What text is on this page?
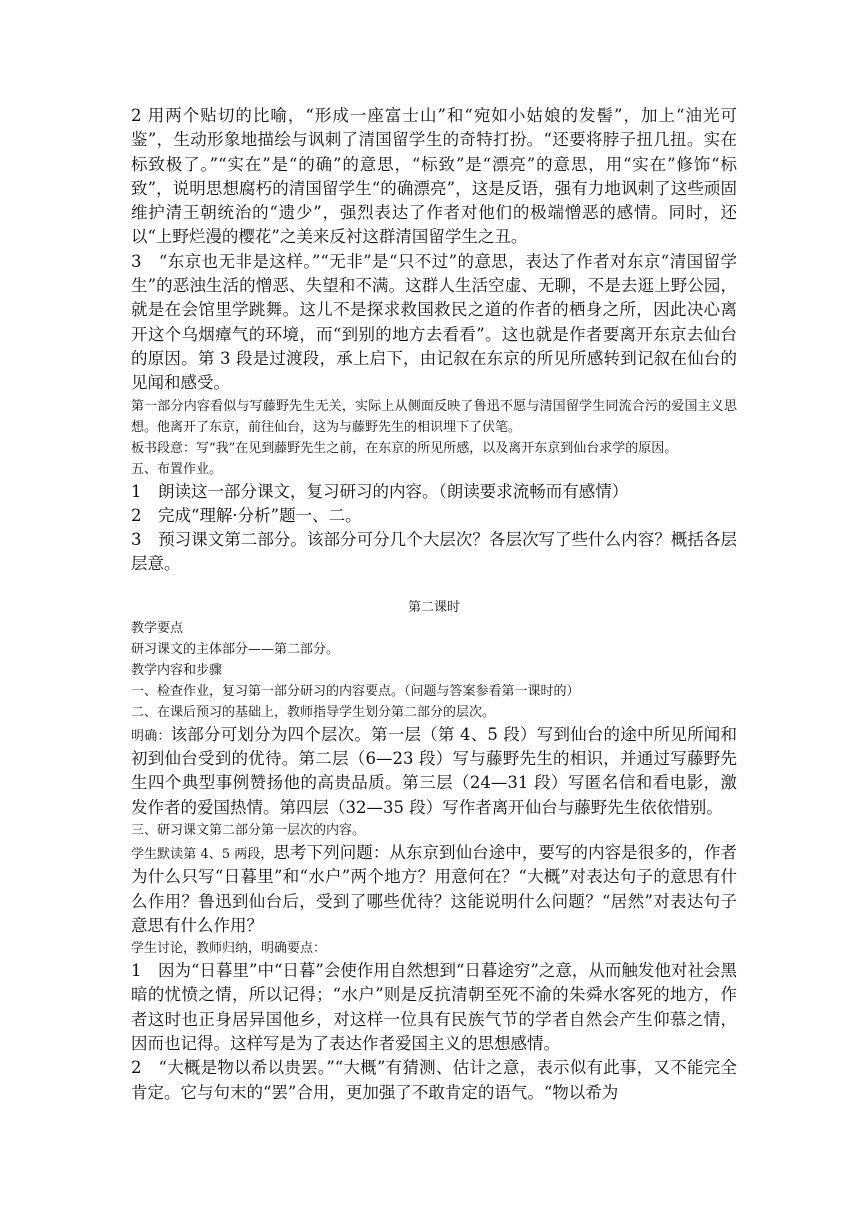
2 用两个贴切的比喻，“形成一座富士山”和“宛如小姑娘的发髻”，加上“油光可鉴”，生动形象地描绘与讽刺了清国留学生的奇特打扮。“还要将脖子扭几扭。实在标致极了。”“实在”是“的确”的意思，“标致”是“漂亮”的意思，用“实在”修饰“标致”，说明思想腐朽的清国留学生“的确漂亮”，这是反语，强有力地讽刺了这些顽固维护清王朝统治的“遗少”，强烈表达了作者对他们的极端憎恶的感情。同时，还以“上野烂漫的樱花”之美来反衬这群清国留学生之丑。

3　“东京也无非是这样。”“无非”是“只不过”的意思，表达了作者对东京“清国留学生”的恶浊生活的憎恶、失望和不满。这群人生活空虚、无聊，不是去逛上野公园，就是在会馆里学跳舞。这儿不是探求救国救民之道的作者的栖身之所，因此决心离开这个乌烟瘴气的环境，而“到别的地方去看看”。这也就是作者要离开东京去仙台的原因。第 3 段是过渡段，承上启下，由记叙在东京的所见所感转到记叙在仙台的见闻和感受。

第一部分内容看似与写藤野先生无关，实际上从侧面反映了鲁迅不愿与清国留学生同流合污的爱国主义思想。他离开了东京，前往仙台，这为与藤野先生的相识埋下了伏笔。

板书段意：写“我”在见到藤野先生之前，在东京的所见所感，以及离开东京到仙台求学的原因。

五、布置作业。

1　朗读这一部分课文，复习研习的内容。（朗读要求流畅而有感情）

2　完成“理解·分析”题一、二。

3　预习课文第二部分。该部分可分几个大层次？各层次写了些什么内容？概括各层层意。

第二课时

教学要点

研习课文的主体部分——第二部分。

教学内容和步骤

一、检查作业，复习第一部分研习的内容要点。（问题与答案参看第一课时的）

二、在课后预习的基础上，教师指导学生划分第二部分的层次。

明确：该部分可划分为四个层次。第一层（第 4、5 段）写到仙台的途中所见所闻和初到仙台受到的优待。第二层（6—23 段）写与藤野先生的相识，并通过写藤野先生四个典型事例赞扬他的高贵品质。第三层（24—31 段）写匿名信和看电影，激发作者的爱国热情。第四层（32—35 段）写作者离开仙台与藤野先生依依惜别。

三、研习课文第二部分第一层次的内容。

学生默读第 4、5 两段，思考下列问题：从东京到仙台途中，要写的内容是很多的，作者为什么只写“日暮里”和“水户”两个地方？用意何在？“大概”对表达句子的意思有什么作用？鲁迅到仙台后，受到了哪些优待？这能说明什么问题？“居然”对表达句子意思有什么作用？

学生讨论，教师归纳，明确要点：

1　因为“日暮里”中“日暮”会使作用自然想到“日暮途穷”之意，从而触发他对社会黑暗的忧愤之情，所以记得；“水户”则是反抗清朝至死不渝的朱舜水客死的地方，作者这时也正身居异国他乡，对这样一位具有民族气节的学者自然会产生仰慕之情，因而也记得。这样写是为了表达作者爱国主义的思想感情。

2　“大概是物以希以贵罢。”“大概”有猜测、估计之意，表示似有此事，又不能完全肯定。它与句末的“罢”合用，更加强了不敢肯定的语气。“物以希为
